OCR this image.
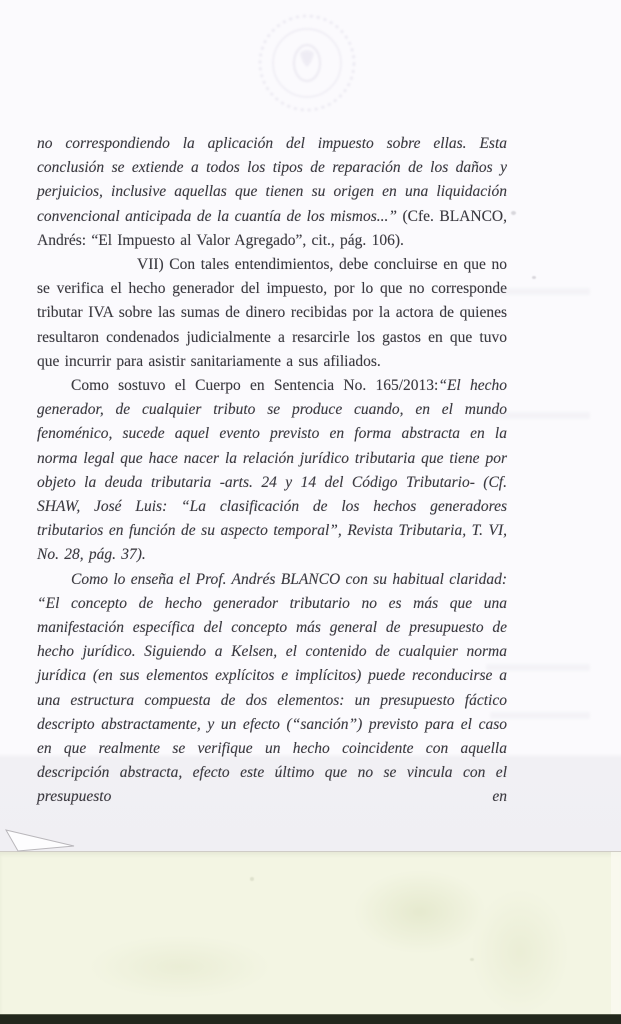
no correspondiendo la aplicación del impuesto sobre ellas. Esta conclusión se extiende a todos los tipos de reparación de los daños y perjuicios, inclusive aquellas que tienen su origen en una liquidación convencional anticipada de la cuantía de los mismos...” (Cfe. BLANCO, Andrés: “El Impuesto al Valor Agregado”, cit., pág. 106).

VII) Con tales entendimientos, debe concluirse en que no se verifica el hecho generador del impuesto, por lo que no corresponde tributar IVA sobre las sumas de dinero recibidas por la actora de quienes resultaron condenados judicialmente a resarcirle los gastos en que tuvo que incurrir para asistir sanitariamente a sus afiliados.

Como sostuvo el Cuerpo en Sentencia No. 165/2013:“El hecho generador, de cualquier tributo se produce cuando, en el mundo fenoménico, sucede aquel evento previsto en forma abstracta en la norma legal que hace nacer la relación jurídico tributaria que tiene por objeto la deuda tributaria -arts. 24 y 14 del Código Tributario- (Cf. SHAW, José Luis: “La clasificación de los hechos generadores tributarios en función de su aspecto temporal”, Revista Tributaria, T. VI, No. 28, pág. 37).

Como lo enseña el Prof. Andrés BLANCO con su habitual claridad: “El concepto de hecho generador tributario no es más que una manifestación específica del concepto más general de presupuesto de hecho jurídico. Siguiendo a Kelsen, el contenido de cualquier norma jurídica (en sus elementos explícitos e implícitos) puede reconducirse a una estructura compuesta de dos elementos: un presupuesto fáctico descripto abstractamente, y un efecto (“sanción”) previsto para el caso en que realmente se verifique un hecho coincidente con aquella descripción abstracta, efecto este último que no se vincula con el presupuesto en
